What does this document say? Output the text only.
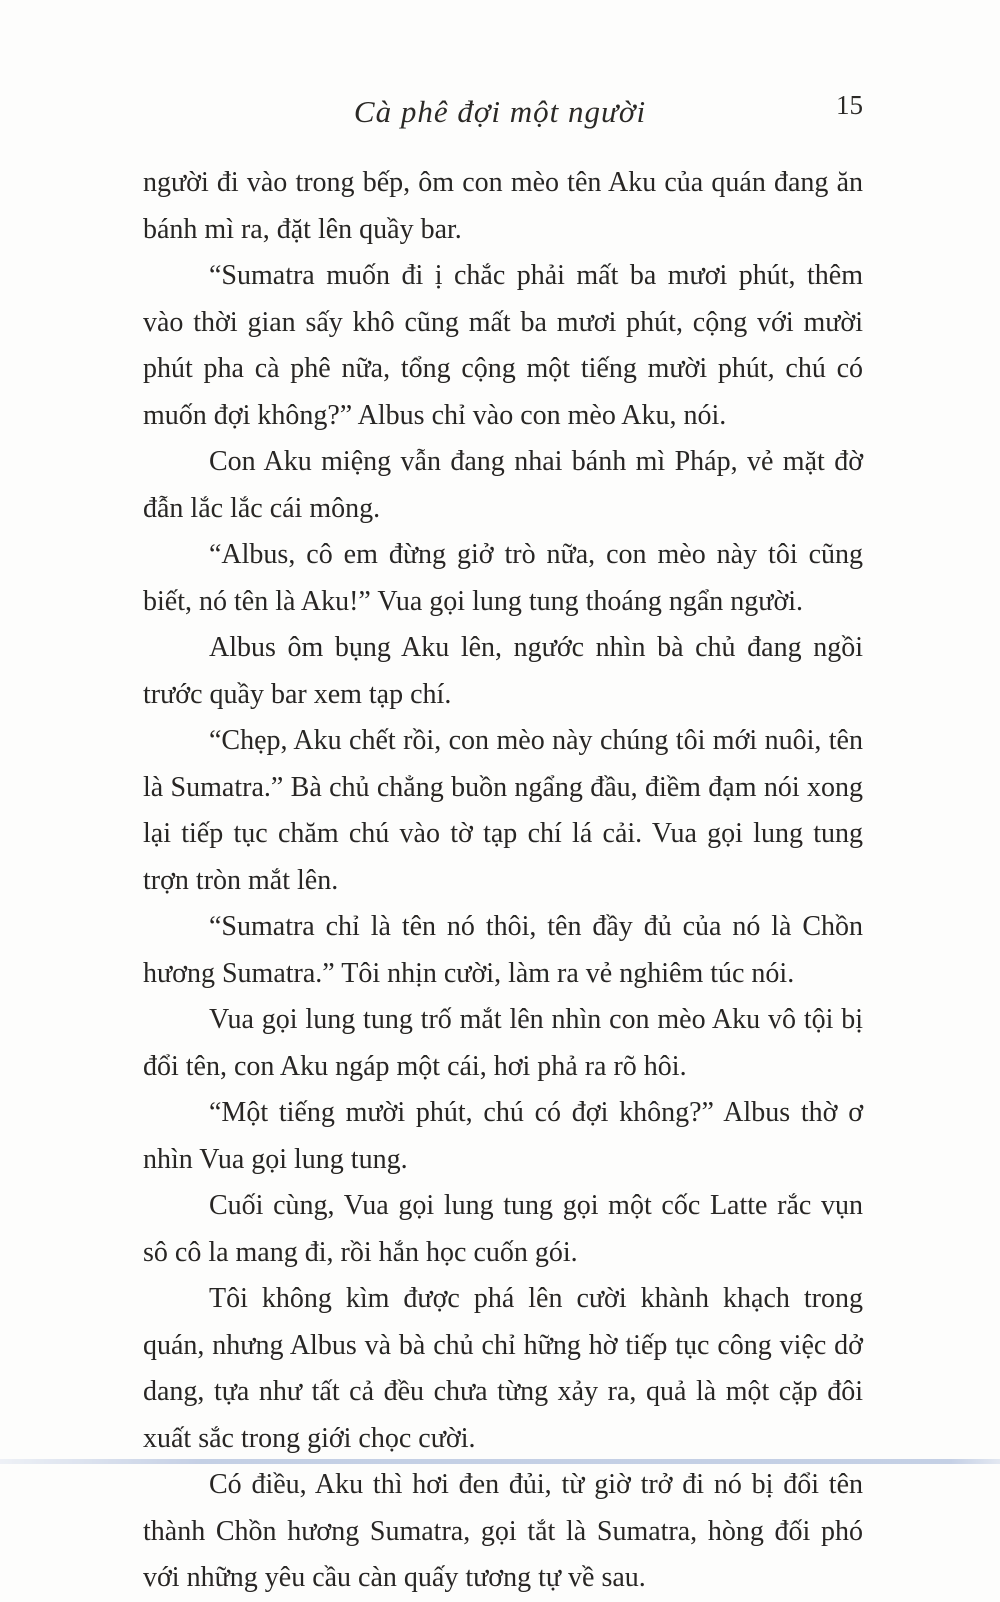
Cà phê đợi một người	15

người đi vào trong bếp, ôm con mèo tên Aku của quán đang ăn bánh mì ra, đặt lên quầy bar.

“Sumatra muốn đi ị chắc phải mất ba mươi phút, thêm vào thời gian sấy khô cũng mất ba mươi phút, cộng với mười phút pha cà phê nữa, tổng cộng một tiếng mười phút, chú có muốn đợi không?” Albus chỉ vào con mèo Aku, nói.

Con Aku miệng vẫn đang nhai bánh mì Pháp, vẻ mặt đờ đẫn lắc lắc cái mông.

“Albus, cô em đừng giở trò nữa, con mèo này tôi cũng biết, nó tên là Aku!” Vua gọi lung tung thoáng ngẩn người.

Albus ôm bụng Aku lên, ngước nhìn bà chủ đang ngồi trước quầy bar xem tạp chí.

“Chẹp, Aku chết rồi, con mèo này chúng tôi mới nuôi, tên là Sumatra.” Bà chủ chẳng buồn ngẩng đầu, điềm đạm nói xong lại tiếp tục chăm chú vào tờ tạp chí lá cải. Vua gọi lung tung trợn tròn mắt lên.

“Sumatra chỉ là tên nó thôi, tên đầy đủ của nó là Chồn hương Sumatra.” Tôi nhịn cười, làm ra vẻ nghiêm túc nói.

Vua gọi lung tung trố mắt lên nhìn con mèo Aku vô tội bị đổi tên, con Aku ngáp một cái, hơi phả ra rõ hôi.

“Một tiếng mười phút, chú có đợi không?” Albus thờ ơ nhìn Vua gọi lung tung.

Cuối cùng, Vua gọi lung tung gọi một cốc Latte rắc vụn sô cô la mang đi, rồi hắn học cuốn gói.

Tôi không kìm được phá lên cười khành khạch trong quán, nhưng Albus và bà chủ chỉ hững hờ tiếp tục công việc dở dang, tựa như tất cả đều chưa từng xảy ra, quả là một cặp đôi xuất sắc trong giới chọc cười.

Có điều, Aku thì hơi đen đủi, từ giờ trở đi nó bị đổi tên thành Chồn hương Sumatra, gọi tắt là Sumatra, hòng đối phó với những yêu cầu càn quấy tương tự về sau.
